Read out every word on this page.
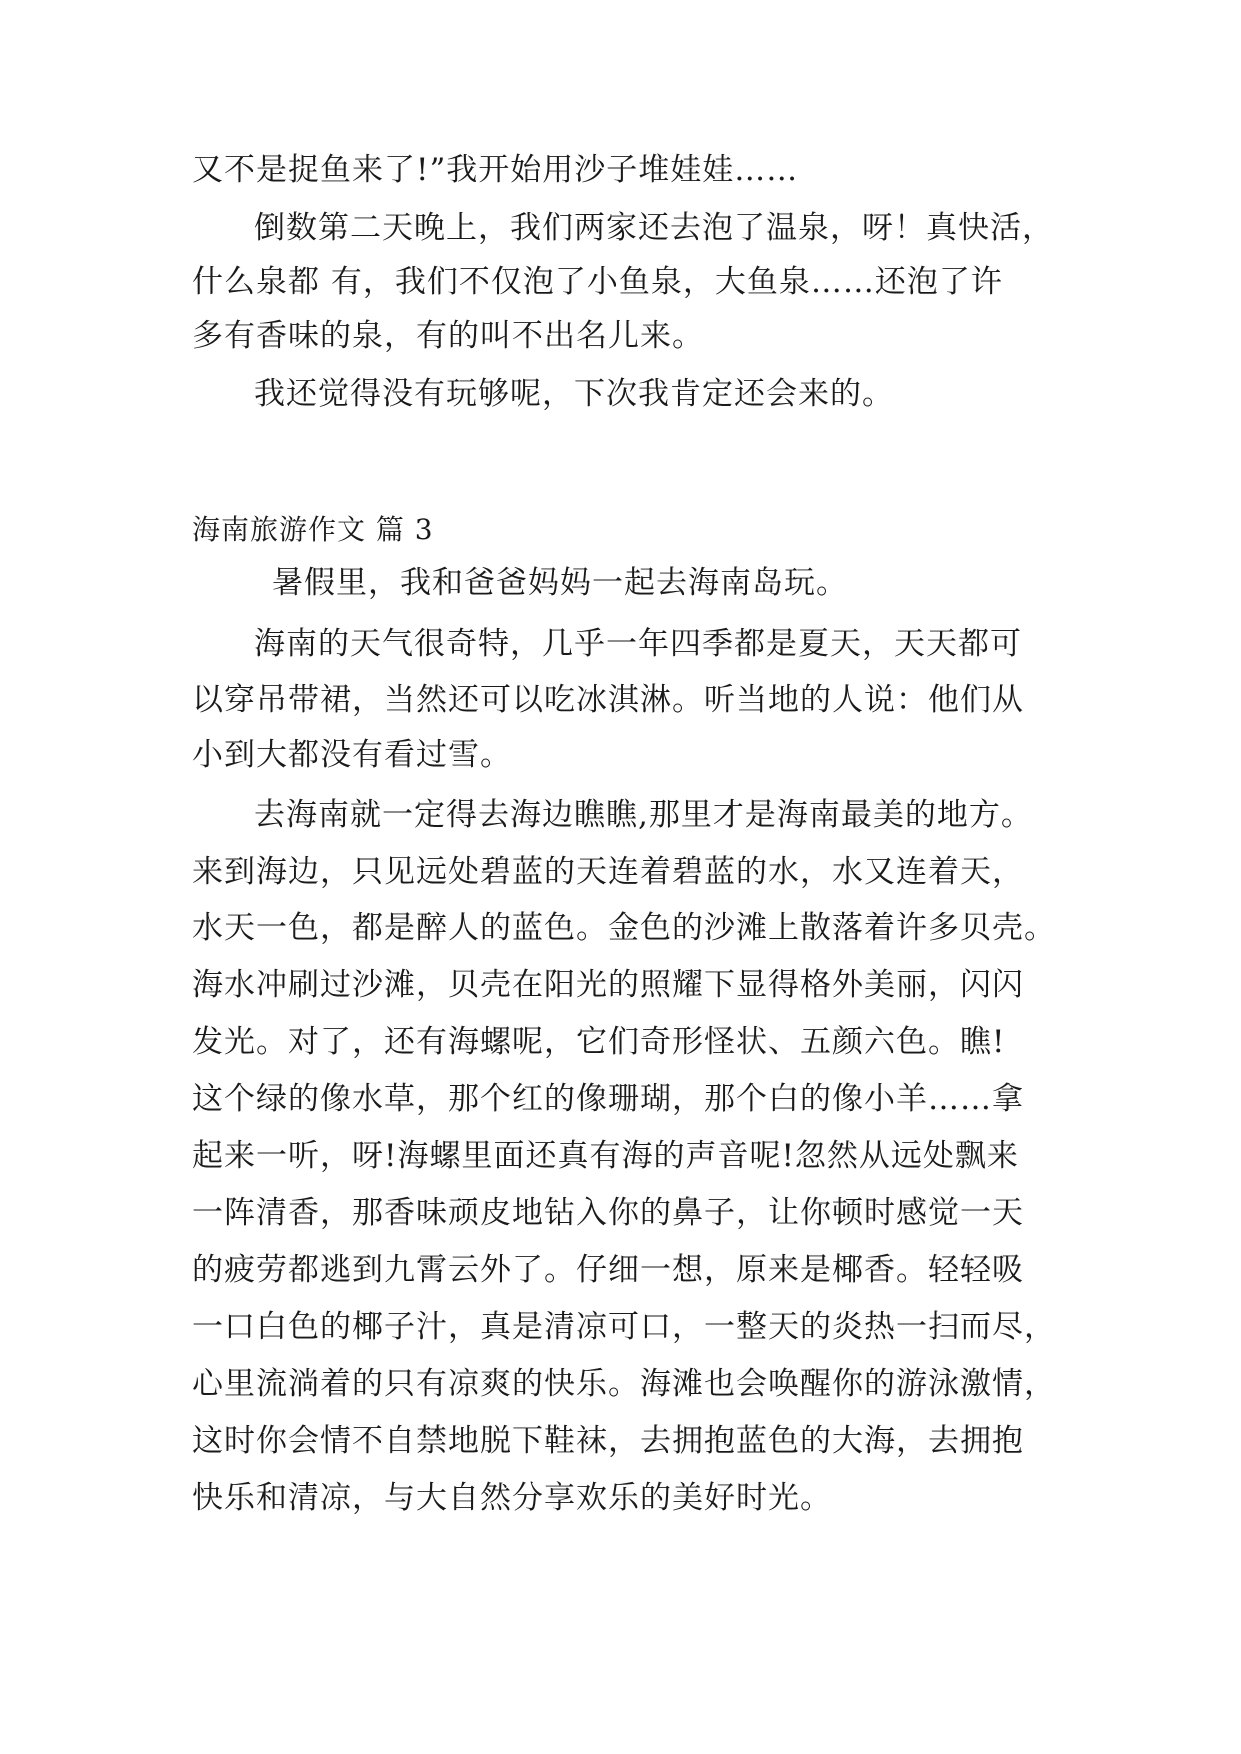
又不是捉鱼来了!”我开始用沙子堆娃娃……
倒数第二天晚上，我们两家还去泡了温泉，呀！真快活，
什么泉都 有，我们不仅泡了小鱼泉，大鱼泉……还泡了许
多有香味的泉，有的叫不出名儿来。
我还觉得没有玩够呢，下次我肯定还会来的。
海南旅游作文 篇 3
暑假里，我和爸爸妈妈一起去海南岛玩。
海南的天气很奇特，几乎一年四季都是夏天，天天都可
以穿吊带裙，当然还可以吃冰淇淋。听当地的人说：他们从
小到大都没有看过雪。
去海南就一定得去海边瞧瞧,那里才是海南最美的地方。
来到海边，只见远处碧蓝的天连着碧蓝的水，水又连着天，
水天一色，都是醉人的蓝色。金色的沙滩上散落着许多贝壳。
海水冲刷过沙滩，贝壳在阳光的照耀下显得格外美丽，闪闪
发光。对了，还有海螺呢，它们奇形怪状、五颜六色。瞧!
这个绿的像水草，那个红的像珊瑚，那个白的像小羊……拿
起来一听，呀!海螺里面还真有海的声音呢!忽然从远处飘来
一阵清香，那香味顽皮地钻入你的鼻子，让你顿时感觉一天
的疲劳都逃到九霄云外了。仔细一想，原来是椰香。轻轻吸
一口白色的椰子汁，真是清凉可口，一整天的炎热一扫而尽，
心里流淌着的只有凉爽的快乐。海滩也会唤醒你的游泳激情，
这时你会情不自禁地脱下鞋袜，去拥抱蓝色的大海，去拥抱
快乐和清凉，与大自然分享欢乐的美好时光。
